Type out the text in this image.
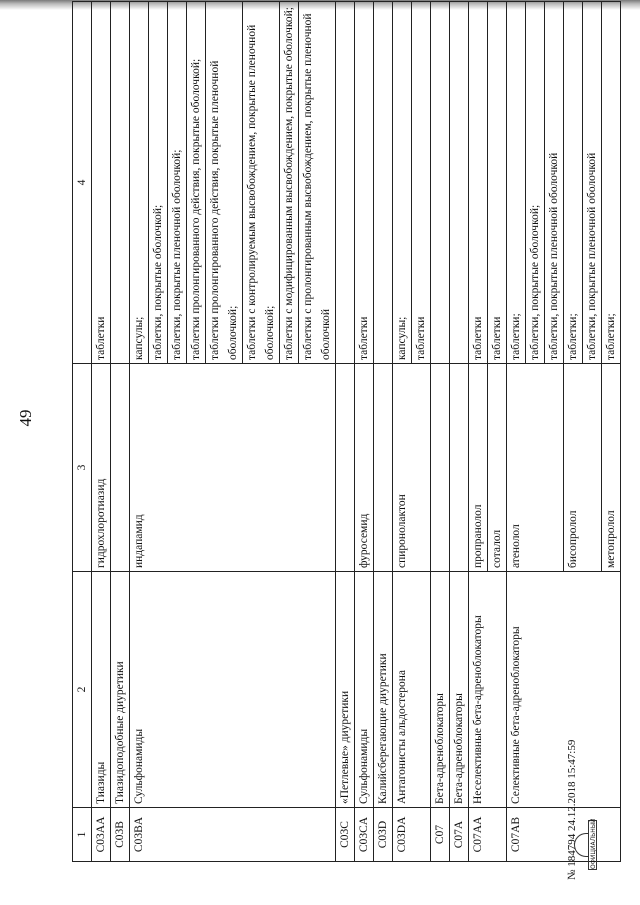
49
1	2	3	4
C03AA	Тиазиды	гидрохлоротиазид	таблетки
C03B	Тиазидоподобные диуретики		
C03BA	Сульфонамиды	индапамид	капсулы;
			таблетки, покрытые оболочкой;
			таблетки, покрытые пленочной оболочкой;
			таблетки пролонгированного действия, покрытые оболочкой;
			таблетки пролонгированного действия, покрытые пленочной оболочкой;
			таблетки с контролируемым высвобождением, покрытые пленочной оболочкой;
			таблетки с модифицированным высвобождением, покрытые оболочкой;
			таблетки с пролонгированным высвобождением, покрытые пленочной оболочкой
C03C	«Петлевые» диуретики		
C03CA	Сульфонамиды	фуросемид	таблетки
C03D	Калийсберегающие диуретики		
C03DA	Антагонисты альдостерона	спиронолактон	капсулы;
			таблетки
C07	Бета-адреноблокаторы		
C07A	Бета-адреноблокаторы		
C07AA	Неселективные бета-адреноблокаторы	пропранолол	таблетки
		соталол	таблетки
C07AB	Селективные бета-адреноблокаторы	атенолол	таблетки;
			таблетки, покрытые оболочкой;
			таблетки, покрытые пленочной оболочкой
		бисопролол	таблетки;
			таблетки, покрытые пленочной оболочкой
		метопролол	таблетки;
ОФИЦИАЛЬНЫЙ
№ 184794 24.12.2018 15:47:59
